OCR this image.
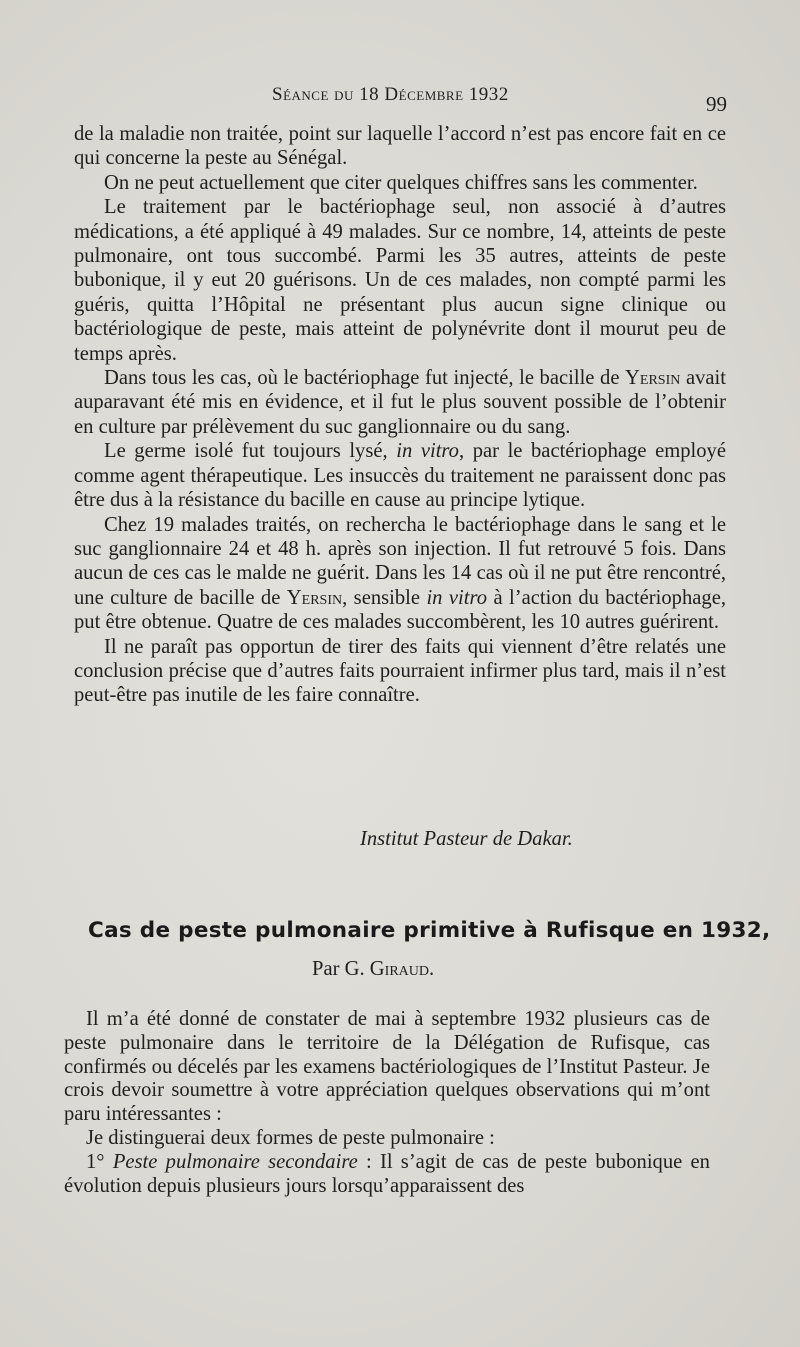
Séance du 18 Décembre 1932	99

de la maladie non traitée, point sur laquelle l’accord n’est pas encore fait en ce qui concerne la peste au Sénégal.

On ne peut actuellement que citer quelques chiffres sans les commenter.

Le traitement par le bactériophage seul, non associé à d’autres médications, a été appliqué à 49 malades. Sur ce nombre, 14, atteints de peste pulmonaire, ont tous succombé. Parmi les 35 autres, atteints de peste bubonique, il y eut 20 guérisons. Un de ces malades, non compté parmi les guéris, quitta l’Hôpital ne présentant plus aucun signe clinique ou bactériologique de peste, mais atteint de polynévrite dont il mourut peu de temps après.

Dans tous les cas, où le bactériophage fut injecté, le bacille de Yersin avait auparavant été mis en évidence, et il fut le plus souvent possible de l’obtenir en culture par prélèvement du suc ganglionnaire ou du sang.

Le germe isolé fut toujours lysé, in vitro, par le bactériophage employé comme agent thérapeutique. Les insuccès du traitement ne paraissent donc pas être dus à la résistance du bacille en cause au principe lytique.

Chez 19 malades traités, on rechercha le bactériophage dans le sang et le suc ganglionnaire 24 et 48 h. après son injection. Il fut retrouvé 5 fois. Dans aucun de ces cas le malde ne guérit. Dans les 14 cas où il ne put être rencontré, une culture de bacille de Yersin, sensible in vitro à l’action du bactériophage, put être obtenue. Quatre de ces malades succombèrent, les 10 autres guérirent.

Il ne paraît pas opportun de tirer des faits qui viennent d’être relatés une conclusion précise que d’autres faits pourraient infirmer plus tard, mais il n’est peut-être pas inutile de les faire connaître.

Institut Pasteur de Dakar.
Cas de peste pulmonaire primitive à Rufisque en 1932,
Par G. Giraud.

Il m’a été donné de constater de mai à septembre 1932 plusieurs cas de peste pulmonaire dans le territoire de la Délégation de Rufisque, cas confirmés ou décelés par les examens bactériologiques de l’Institut Pasteur. Je crois devoir soumettre à votre appréciation quelques observations qui m’ont paru intéressantes :

Je distinguerai deux formes de peste pulmonaire :

1° Peste pulmonaire secondaire : Il s’agit de cas de peste bubonique en évolution depuis plusieurs jours lorsqu’apparaissent des
